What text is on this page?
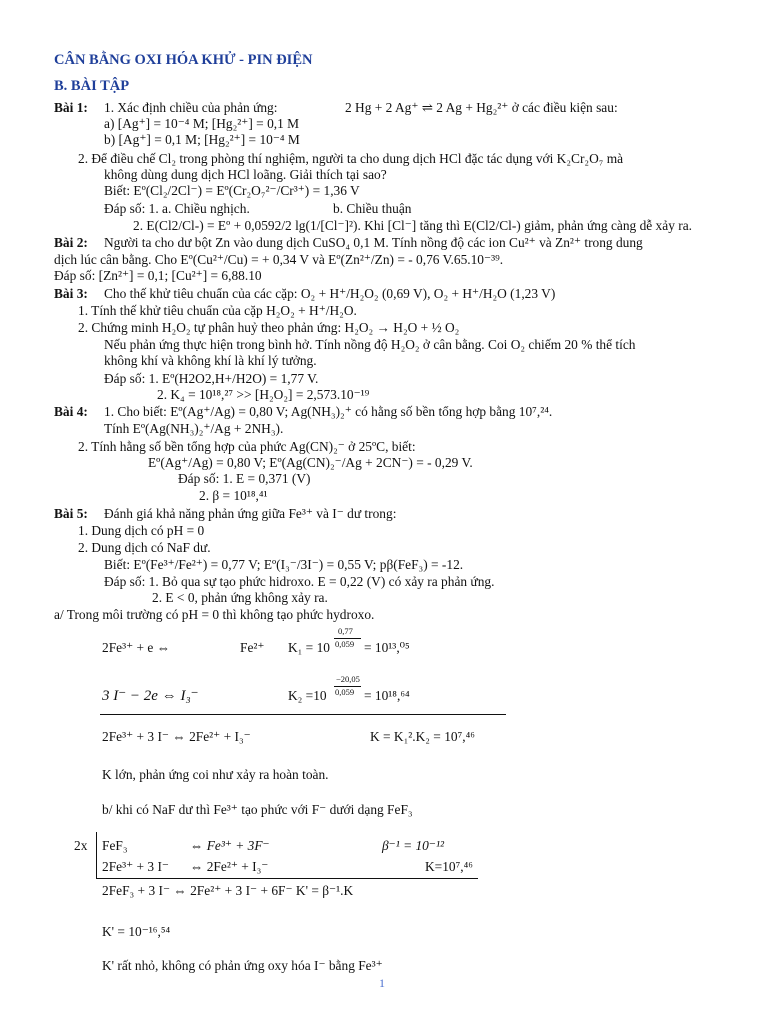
CÂN BẰNG OXI HÓA KHỬ - PIN ĐIỆN
B. BÀI TẬP
Bài 1: 1. Xác định chiều của phản ứng:	2 Hg + 2 Ag⁺ ⇌ 2 Ag + Hg₂²⁺ ở các điều kiện sau:
a) [Ag⁺] = 10⁻⁴ M; [Hg₂²⁺] = 0,1 M
b) [Ag⁺] = 0,1 M; [Hg₂²⁺] = 10⁻⁴ M
2. Để điều chế Cl₂ trong phòng thí nghiệm, người ta cho dung dịch HCl đặc tác dụng với K₂Cr₂O₇ mà
không dùng dung dịch HCl loãng. Giải thích tại sao?
Biết: Eº(Cl₂/2Cl⁻) = Eº(Cr₂O₇²⁻/Cr³⁺) = 1,36 V
Đáp số: 1. a. Chiều nghịch.	b. Chiều thuận
2. E(Cl2/Cl-) = Eº + 0,0592/2 lg(1/[Cl⁻]²). Khi [Cl⁻] tăng thì E(Cl2/Cl-) giảm, phản ứng càng dễ xảy ra.
Bài 2: Người ta cho dư bột Zn vào dung dịch CuSO₄ 0,1 M. Tính nồng độ các ion Cu²⁺ và Zn²⁺ trong dung
dịch lúc cân bằng. Cho Eº(Cu²⁺/Cu) = + 0,34 V và Eº(Zn²⁺/Zn) = - 0,76 V.65.10⁻³⁹.
Đáp số: [Zn²⁺] = 0,1; [Cu²⁺] = 6,88.10
Bài 3: Cho thế khử tiêu chuẩn của các cặp: O₂ + H⁺/H₂O₂ (0,69 V), O₂ + H⁺/H₂O (1,23 V)
1. Tính thế khử tiêu chuẩn của cặp H₂O₂ + H⁺/H₂O.
2. Chứng minh H₂O₂ tự phân huỷ theo phản ứng: H₂O₂ → H₂O + ½ O₂
Nếu phản ứng thực hiện trong bình hở. Tính nồng độ H₂O₂ ở cân bằng. Coi O₂ chiếm 20 % thể tích
không khí và không khí là khí lý tưởng.
Đáp số: 1. Eº(H2O2,H+/H2O) = 1,77 V.
2. K₄ = 10¹⁸,²⁷ >> [H₂O₂] = 2,573.10⁻¹⁹
Bài 4: 1. Cho biết: Eº(Ag⁺/Ag) = 0,80 V; Ag(NH₃)₂⁺ có hằng số bền tổng hợp bằng 10⁷,²⁴.
Tính Eº(Ag(NH₃)₂⁺/Ag + 2NH₃).
2. Tính hằng số bền tổng hợp của phức Ag(CN)₂⁻ ở 25ºC, biết:
Eº(Ag⁺/Ag) = 0,80 V; Eº(Ag(CN)₂⁻/Ag + 2CN⁻) = - 0,29 V.
Đáp số: 1. E = 0,371 (V)
2. β = 10¹⁸,⁴¹
Bài 5: Đánh giá khả năng phản ứng giữa Fe³⁺ và I⁻ dư trong:
1. Dung dịch có pH = 0
2. Dung dịch có NaF dư.
Biết: Eº(Fe³⁺/Fe²⁺) = 0,77 V; Eº(I₃⁻/3I⁻) = 0,55 V; pβ(FeF₃) = -12.
Đáp số: 1. Bỏ qua sự tạo phức hidroxo. E = 0,22 (V) có xảy ra phản ứng.
2. E < 0, phản ứng không xảy ra.
a/ Trong môi trường có pH = 0 thì không tạo phức hydroxo.
2Fe³⁺ + e ⇔	Fe²⁺ K₁ = 10
0,77
0,059 = 10¹³,⁰⁵
3 I⁻ − 2e ⇔ I₃⁻	K₂ =10
−20,05
0,059 = 10¹⁸,⁶⁴
2Fe³⁺ + 3 I⁻ ⇔ 2Fe²⁺ + I₃⁻	K = K₁².K₂ = 10⁷,⁴⁶
K lớn, phản ứng coi như xảy ra hoàn toàn.
b/ khi có NaF dư thì Fe³⁺ tạo phức với F⁻ dưới dạng FeF₃
2x FeF₃	⇔ Fe³⁺ + 3F⁻	β⁻¹ = 10⁻¹²
2Fe³⁺ + 3 I⁻ ⇔ 2Fe²⁺ + I₃⁻	K=10⁷,⁴⁶
2FeF₃ + 3 I⁻ ⇔ 2Fe²⁺ + 3 I⁻ + 6F⁻ K' = β⁻¹.K
K' = 10⁻¹⁶,⁵⁴
K' rất nhỏ, không có phản ứng oxy hóa I⁻ bằng Fe³⁺
1
